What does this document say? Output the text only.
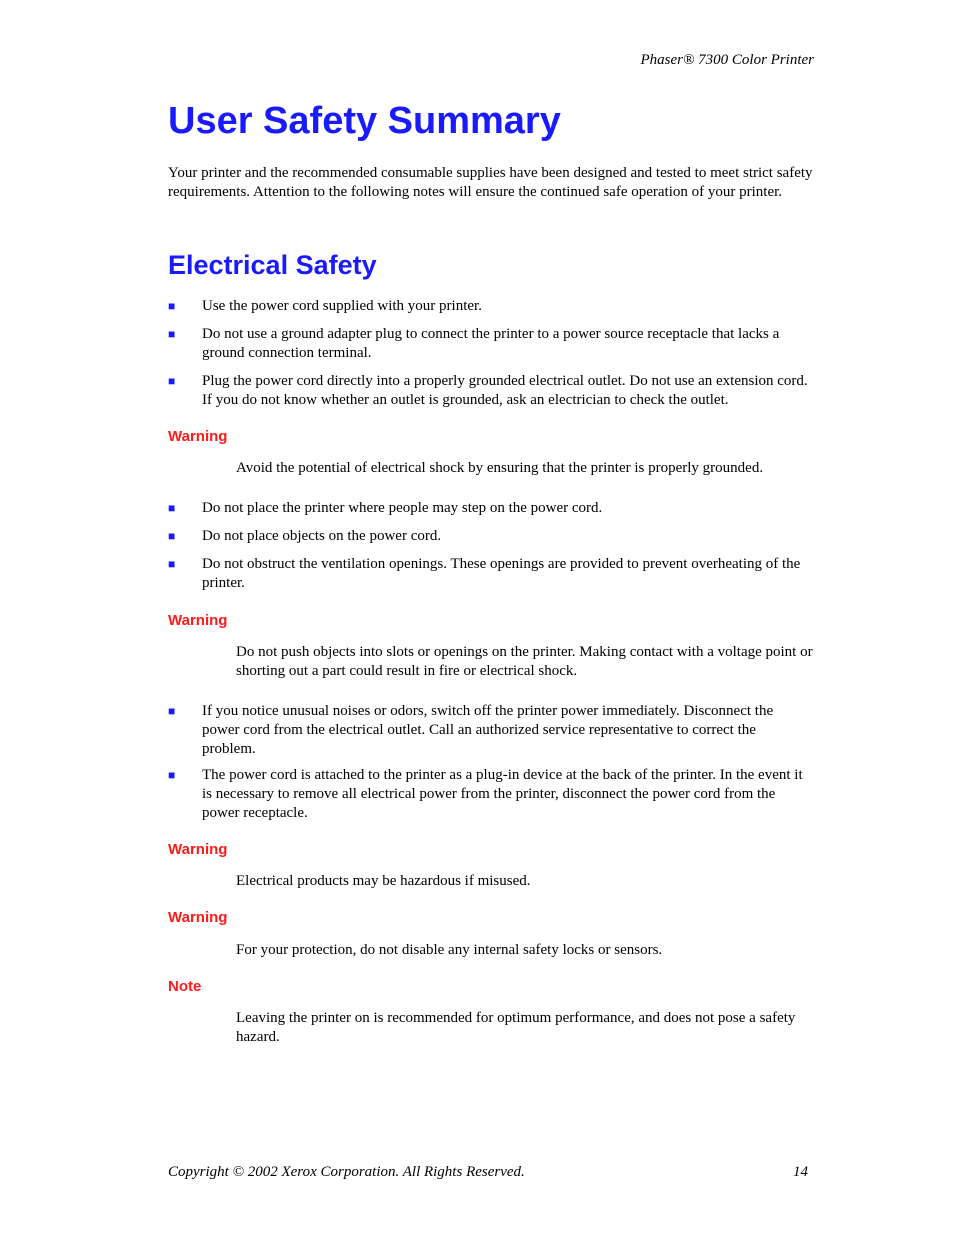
Phaser® 7300 Color Printer
User Safety Summary
Your printer and the recommended consumable supplies have been designed and tested to meet strict safety requirements. Attention to the following notes will ensure the continued safe operation of your printer.
Electrical Safety
■	Use the power cord supplied with your printer.
■	Do not use a ground adapter plug to connect the printer to a power source receptacle that lacks a ground connection terminal.
■	Plug the power cord directly into a properly grounded electrical outlet. Do not use an extension cord. If you do not know whether an outlet is grounded, ask an electrician to check the outlet.
Warning
Avoid the potential of electrical shock by ensuring that the printer is properly grounded.
■	Do not place the printer where people may step on the power cord.
■	Do not place objects on the power cord.
■	Do not obstruct the ventilation openings. These openings are provided to prevent overheating of the printer.
Warning
Do not push objects into slots or openings on the printer. Making contact with a voltage point or shorting out a part could result in fire or electrical shock.
■	If you notice unusual noises or odors, switch off the printer power immediately. Disconnect the power cord from the electrical outlet. Call an authorized service representative to correct the problem.
■	The power cord is attached to the printer as a plug-in device at the back of the printer. In the event it is necessary to remove all electrical power from the printer, disconnect the power cord from the power receptacle.
Warning
Electrical products may be hazardous if misused.
Warning
For your protection, do not disable any internal safety locks or sensors.
Note
Leaving the printer on is recommended for optimum performance, and does not pose a safety hazard.
Copyright © 2002 Xerox Corporation. All Rights Reserved.	14
